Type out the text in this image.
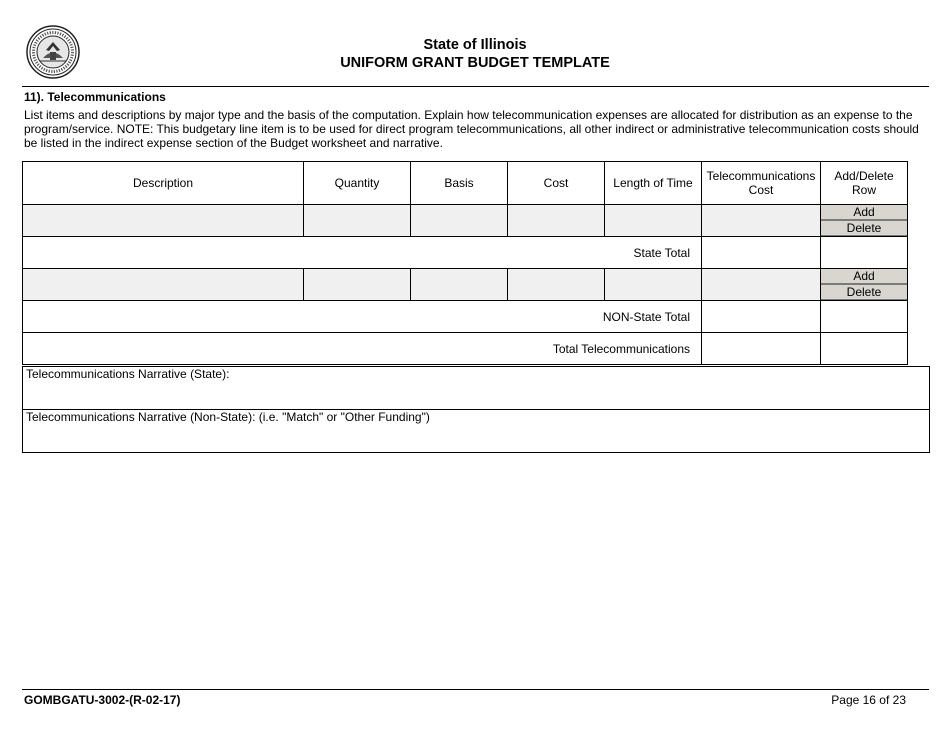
State of Illinois
UNIFORM GRANT BUDGET TEMPLATE
11). Telecommunications
List items and descriptions by major type and the basis of the computation. Explain how telecommunication expenses are allocated for distribution as an expense to the
program/service. NOTE: This budgetary line item is to be used for direct program telecommunications, all other indirect or administrative telecommunication costs should
be listed in the indirect expense section of the Budget worksheet and narrative.
Description	Quantity	Basis	Cost	Length of Time	Telecommunications Cost	Add/Delete Row

						Add
Delete

State Total						

						Add
Delete

NON-State Total						
Total Telecommunications						
Telecommunications Narrative (State):
Telecommunications Narrative (Non-State): (i.e. "Match" or "Other Funding")
GOMBGATU-3002-(R-02-17)	Page 16 of 23
